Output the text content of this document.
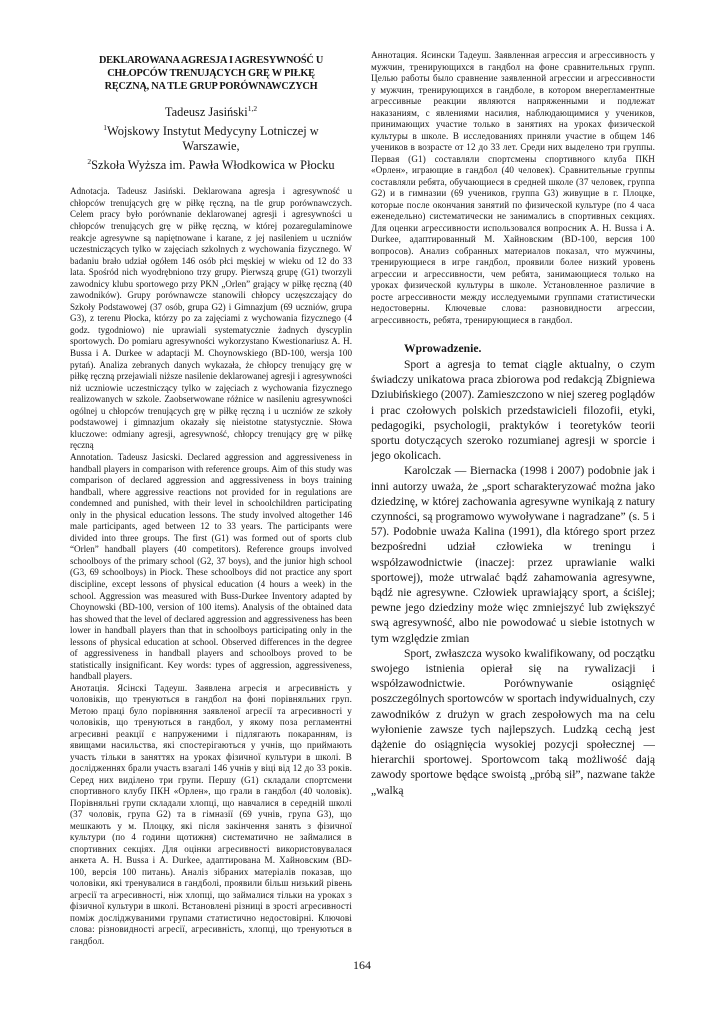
DEKLAROWANA AGRESJA I AGRESYWNOŚĆ U
CHŁOPCÓW TRENUJĄCYCH GRĘ W PIŁKĘ
RĘCZNĄ, NA TLE GRUP PORÓWNAWCZYCH
Tadeusz Jasiński$^{1,2}$
$^1$Wojskowy Instytut Medycyny Lotniczej w
Warszawie,
$^2$Szkoła Wyższa im. Pawła Włodkowica w Płocku

Adnotacja. Tadeusz Jasiński. Deklarowana agresja i agresywność u chłopców trenujących grę w piłkę ręczną, na tle grup porównawczych. Celem pracy było porównanie deklarowanej agresji i agresywności u chłopców trenujących grę w piłkę ręczną, w której pozaregulaminowe reakcje agresywne są napiętnowane i karane, z jej nasileniem u uczniów uczestniczących tylko w zajęciach szkolnych z wychowania fizycznego. W badaniu brało udział ogółem 146 osób płci męskiej w wieku od 12 do 33 lata. Spośród nich wyodrębniono trzy grupy. Pierwszą grupę (G1) tworzyli zawodnicy klubu sportowego przy PKN „Orlen” grający w piłkę ręczną (40 zawodników). Grupy porównawcze stanowili chłopcy uczęszczający do Szkoły Podstawowej (37 osób, grupa G2) i Gimnazjum (69 uczniów, grupa G3), z terenu Płocka, którzy po za zajęciami z wychowania fizycznego (4 godz. tygodniowo) nie uprawiali systematycznie żadnych dyscyplin sportowych. Do pomiaru agresywności wykorzystano Kwestionariusz A. H. Bussa i A. Durkee w adaptacji M. Choynowskiego (BD-100, wersja 100 pytań). Analiza zebranych danych wykazała, że chłopcy trenujący grę w piłkę ręczną przejawiali niższe nasilenie deklarowanej agresji i agresywności niż uczniowie uczestniczący tylko w zajęciach z wychowania fizycznego realizowanych w szkole. Zaobserwowane różnice w nasileniu agresywności ogólnej u chłopców trenujących grę w piłkę ręczną i u uczniów ze szkoły podstawowej i gimnazjum okazały się nieistotne statystycznie. Słowa kluczowe: odmiany agresji, agresywność, chłopcy trenujący grę w piłkę ręczną

Annotation. Tadeusz Jasicski. Declared aggression and aggressiveness in handball players in comparison with reference groups. Aim of this study was comparison of declared aggression and aggressiveness in boys training handball, where aggressive reactions not provided for in regulations are condemned and punished, with their level in schoolchildren participating only in the physical education lessons. The study involved altogether 146 male participants, aged between 12 to 33 years. The participants were divided into three groups. The first (G1) was formed out of sports club “Orlen” handball players (40 competitors). Reference groups involved schoolboys of the primary school (G2, 37 boys), and the junior high school (G3, 69 schoolboys) in Piock. These schoolboys did not practice any sport discipline, except lessons of physical education (4 hours a week) in the school. Aggression was measured with Buss-Durkee Inventory adapted by Choynowski (BD-100, version of 100 items). Analysis of the obtained data has showed that the level of declared aggression and aggressiveness has been lower in handball players than that in schoolboys participating only in the lessons of physical education at school. Observed differences in the degree of aggressiveness in handball players and schoolboys proved to be statistically insignificant. Key words: types of aggression, aggressiveness, handball players.

Анотація. Ясінскі Тадеуш. Заявлена агресія и агресивність у чоловіків, що тренуються в гандбол на фоні порівняльних груп. Метою праці було порівняння заявленої агресії та агресивності у чоловіків, що тренуються в гандбол, у якому поза регламентні агресивні реакції є напруженими і підлягають покаранням, із явищами насильства, які спостерігаються у учнів, що приймають участь тільки в заняттях на уроках фізичної культури в школі. В дослідженнях брали участь взагалі 146 учнів у віці від 12 до 33 років. Серед них виділено три групи. Першу (G1) складали спортсмени спортивного клубу ПКН «Орлен», що грали в гандбол (40 чоловік). Порівняльні групи складали хлопці, що навчалися в середній школі (37 чоловік, група G2) та в гімназії (69 учнів, група G3), що мешкають у м. Плоцку, які після закінчення занять з фізичної культури (по 4 години щотижня) систематично не займалися в спортивних секціях. Для оцінки агресивності використовувалася анкета А. Н. Bussa і A. Durkee, адаптирована М. Хайновским (BD-100, версія 100 питань). Аналіз зібраних матеріалів показав, що чоловіки, які тренувалися в гандболі, проявили більш низький рівень агресії та агресивності, ніж хлопці, що займалися тільки на уроках з фізичної культури в школі. Встановлені різниці в зрості агресивності поміж досліджуваними групами статистично недостовірні. Ключові слова: різновидності агресії, агресивність, хлопці, що тренуються в гандбол.

Аннотация. Ясински Тадеуш. Заявленная агрессия и агрессивность у мужчин, тренирующихся в гандбол на фоне сравнительных групп. Целью работы было сравнение заявленной агрессии и агрессивности у мужчин, тренирующихся в гандболе, в котором внерегламентные агрессивные реакции являются напряженными и подлежат наказаниям, с явлениями насилия, наблюдающимися у учеников, принимающих участие только в занятиях на уроках физической культуры в школе. В исследованиях приняли участие в общем 146 учеников в возрасте от 12 до 33 лет. Среди них выделено три группы. Первая (G1) составляли спортсмены спортивного клуба ПКН «Орлен», играющие в гандбол (40 человек). Сравнительные группы составляли ребята, обучающиеся в средней школе (37 человек, группа G2) и в гимназии (69 учеников, группа G3) живущие в г. Плоцке, которые после окончания занятий по физической культуре (по 4 часа еженедельно) систематически не занимались в спортивных секциях. Для оценки агрессивности использовался вопросник А. Н. Bussa i A. Durkee, адаптированный М. Хайновским (BD-100, версия 100 вопросов). Анализ собранных материалов показал, что мужчины, тренирующиеся в игре гандбол, проявили более низкий уровень агрессии и агрессивности, чем ребята, занимающиеся только на уроках физической культуры в школе. Установленное различие в росте агрессивности между исследуемыми группами статистически недостоверны. Ключевые слова: разновидности агрессии, агрессивность, ребята, тренирующиеся в гандбол.

Wprowadzenie.

Sport a agresja to temat ciągle aktualny, o czym świadczy unikatowa praca zbiorowa pod redakcją Zbigniewa Dziubińskiego (2007). Zamieszczono w niej szereg poglądów i prac czołowych polskich przedstawicieli filozofii, etyki, pedagogiki, psychologii, praktyków i teoretyków teorii sportu dotyczących szeroko rozumianej agresji w sporcie i jego okolicach.

Karolczak — Biernacka (1998 i 2007) podobnie jak i inni autorzy uważa, że „sport scharakteryzować można jako dziedzinę, w której zachowania agresywne wynikają z natury czynności, są programowo wywoływane i nagradzane” (s. 5 i 57). Podobnie uważa Kalina (1991), dla którego sport przez bezpośredni udział człowieka w treningu i współzawodnictwie (inaczej: przez uprawianie walki sportowej), może utrwalać bądź zahamowania agresywne, bądź nie agresywne. Człowiek uprawiający sport, a ściślej; pewne jego dziedziny może więc zmniejszyć lub zwiększyć swą agresywność, albo nie powodować u siebie istotnych w tym względzie zmian

Sport, zwłaszcza wysoko kwalifikowany, od początku swojego istnienia opierał się na rywalizacji i współzawodnictwie. Porównywanie osiągnięć poszczególnych sportowców w sportach indywidualnych, czy zawodników z drużyn w grach zespołowych ma na celu wyłonienie zawsze tych najlepszych. Ludzką cechą jest dążenie do osiągnięcia wysokiej pozycji społecznej — hierarchii sportowej. Sportowcom taką możliwość dają zawody sportowe będące swoistą „próbą sił”, nazwane także „walką

164
